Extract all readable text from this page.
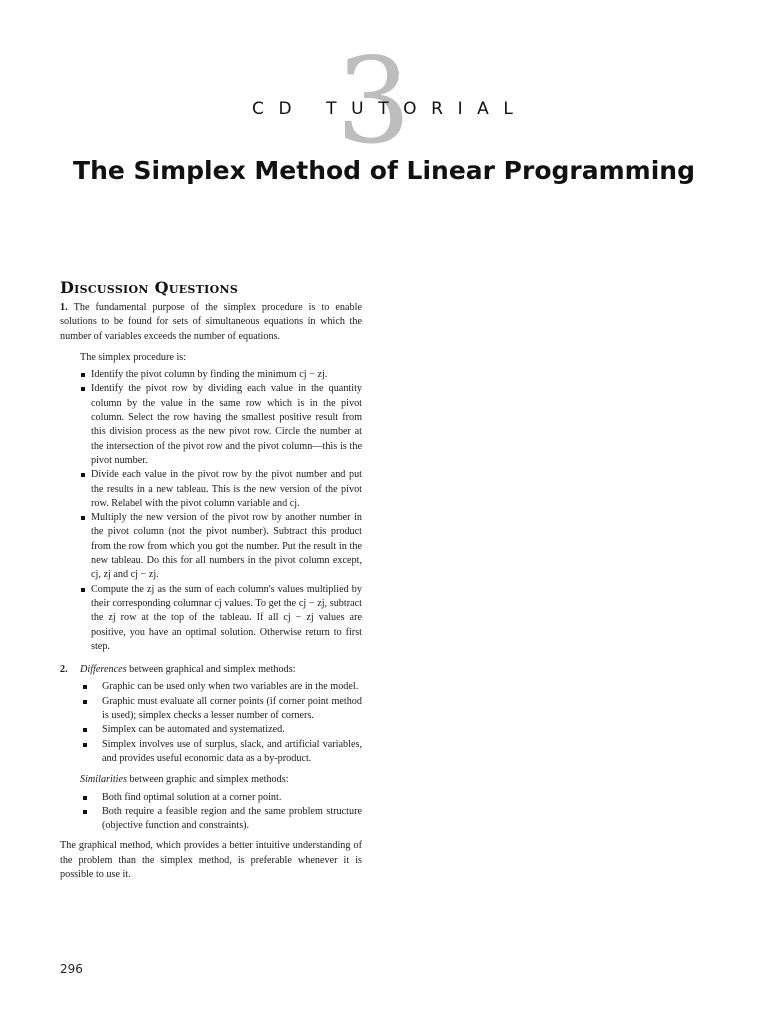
3
CD TUTORIAL
The Simplex Method of Linear Programming
Discussion Questions

1. The fundamental purpose of the simplex procedure is to enable solutions to be found for sets of simultaneous equations in which the number of variables exceeds the number of equations.

The simplex procedure is:

Identify the pivot column by finding the minimum cj − zj.
Identify the pivot row by dividing each value in the quantity column by the value in the same row which is in the pivot column. Select the row having the smallest positive result from this division process as the new pivot row. Circle the number at the intersection of the pivot row and the pivot column—this is the pivot number.
Divide each value in the pivot row by the pivot number and put the results in a new tableau. This is the new version of the pivot row. Relabel with the pivot column variable and cj.
Multiply the new version of the pivot row by another number in the pivot column (not the pivot number). Subtract this product from the row from which you got the number. Put the result in the new tableau. Do this for all numbers in the pivot column except, cj, zj and cj − zj.
Compute the zj as the sum of each column's values multiplied by their corresponding columnar cj values. To get the cj − zj, subtract the zj row at the top of the tableau. If all cj − zj values are positive, you have an optimal solution. Otherwise return to first step.
2.	Differences between graphical and simplex methods:
Graphic can be used only when two variables are in the model.
Graphic must evaluate all corner points (if corner point method is used); simplex checks a lesser number of corners.
Simplex can be automated and systematized.
Simplex involves use of surplus, slack, and artificial variables, and provides useful economic data as a by-product.

Similarities between graphic and simplex methods:

Both find optimal solution at a corner point.
Both require a feasible region and the same problem structure (objective function and constraints).

The graphical method, which provides a better intuitive understanding of the problem than the simplex method, is preferable whenever it is possible to use it.

296
